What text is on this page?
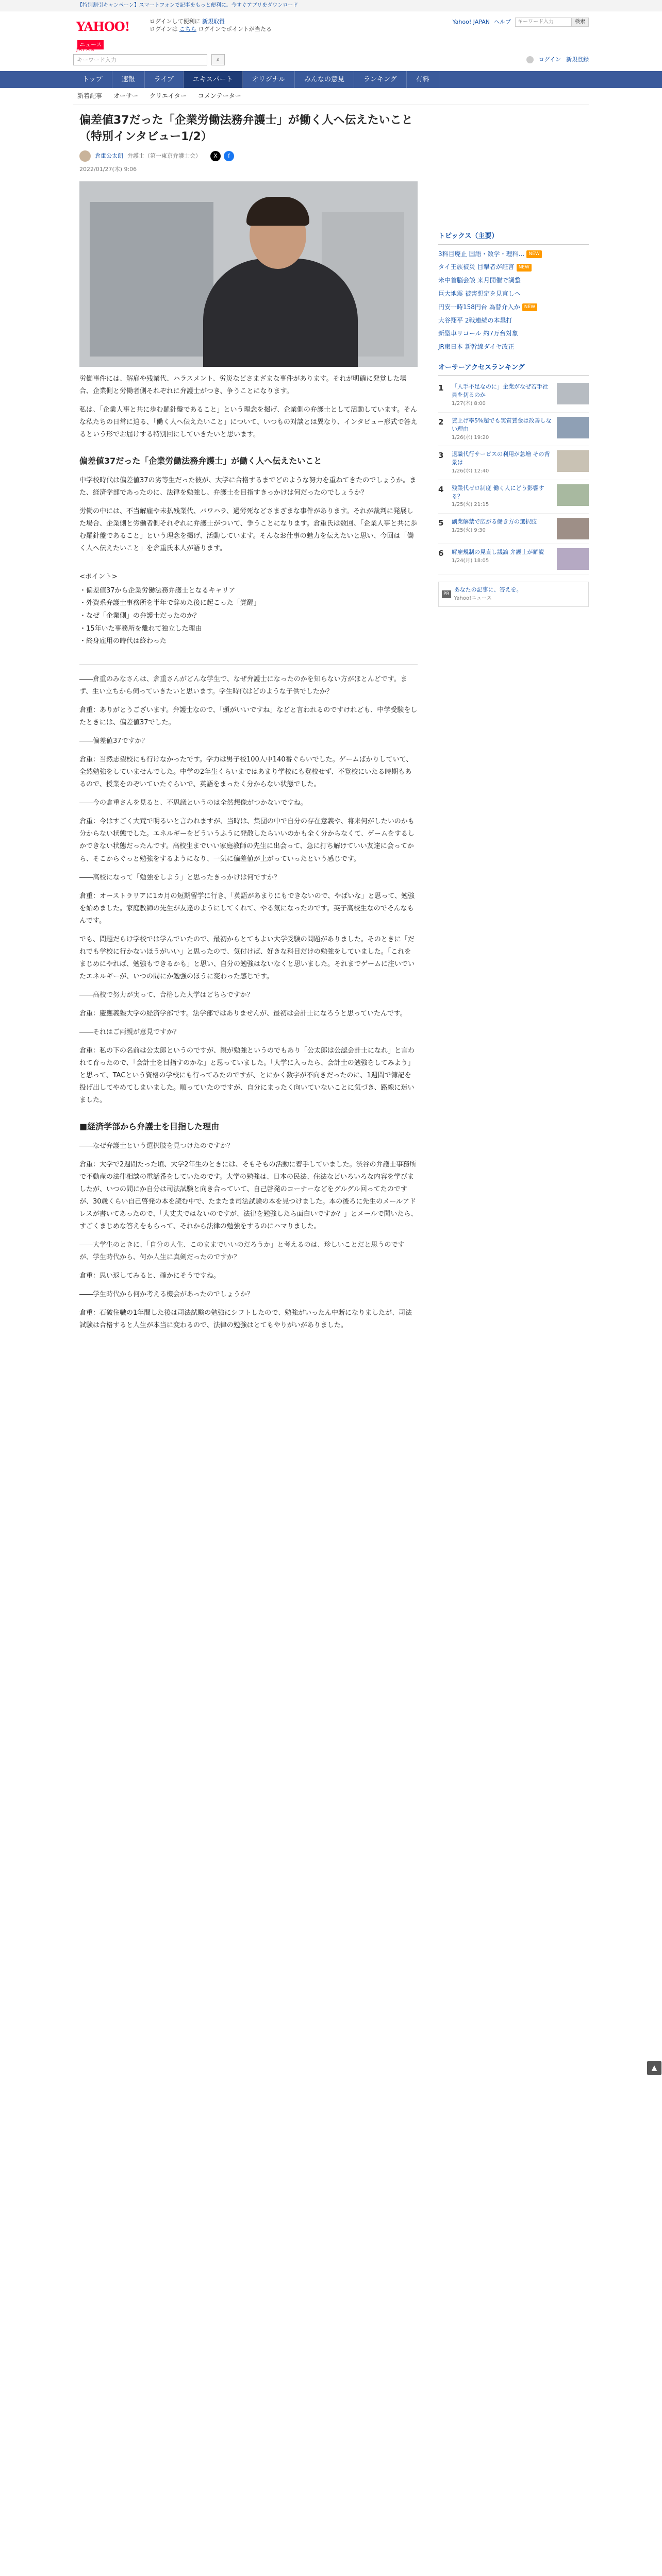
【特別割引キャンペーン】スマートフォンで記事をもっと便利に。今すぐアプリをダウンロード
YAHOO!ニュース
JAPAN
ログインして便利に 新規取得
ログインは こちら ログインでポイントが当たる
Yahoo! JAPAN ヘルプ	キーワード入力	検索
キーワード入力	⌕	ログイン 新規登録
トップ	速報	ライブ	エキスパート	オリジナル	みんなの意見	ランキング	有料
新着記事 オーサー クリエイター コメンテーター
偏差値37だった「企業労働法務弁護士」が働く人へ伝えたいこと（特別インタビュー1/2）
倉重公太朗 弁護士（第一東京弁護士会）	X	f
2022/01/27(木) 9:06

労働事件には、解雇や残業代、ハラスメント、労災などさまざまな事件があります。それが明確に発覚した場合、企業側と労働者側それぞれに弁護士がつき、争うことになります。

私は、「企業人事と共に歩む羅針盤であること」という理念を掲げ、企業側の弁護士として活動しています。そんな私たちの日常に迫る、「働く人へ伝えたいこと」について、いつもの対談とは異なり、インタビュー形式で答えるという形でお届けする特別回にしていきたいと思います。

偏差値37だった「企業労働法務弁護士」が働く人へ伝えたいこと

中学校時代は偏差値37の劣等生だった彼が、大学に合格するまでどのような努力を重ねてきたのでしょうか。また、経済学部であったのに、法律を勉強し、弁護士を目指すきっかけは何だったのでしょうか？

労働の中には、不当解雇や未払残業代、パワハラ、過労死などさまざまな事件があります。それが裁判に発展した場合、企業側と労働者側それぞれに弁護士がついて、争うことになります。倉重氏は数回、「企業人事と共に歩む羅針盤であること」という理念を掲げ、活動しています。そんなお仕事の魅力を伝えたいと思い、今回は「働く人へ伝えたいこと」を倉重氏本人が語ります。

<ポイント>
・偏差値37から企業労働法務弁護士となるキャリア
・外資系弁護士事務所を半年で辞めた後に起こった「覚醒」
・なぜ「企業側」の弁護士だったのか？
・15年いた事務所を離れて独立した理由
・終身雇用の時代は終わった

――倉重のみなさんは、倉重さんがどんな学生で、なぜ弁護士になったのかを知らない方がほとんどです。まず、生い立ちから伺っていきたいと思います。学生時代はどのような子供でしたか？

倉重：ありがとうございます。弁護士なので、「頭がいいですね」などと言われるのですけれども、中学受験をしたときには、偏差値37でした。

――偏差値37ですか？

倉重：当然志望校にも行けなかったです。学力は男子校100人中140番ぐらいでした。ゲームばかりしていて、全然勉強をしていませんでした。中学の2年生くらいまではあまり学校にも登校せず、不登校にいたる時期もあるので、授業をのぞいていたぐらいで、英語をまったく分からない状態でした。

――今の倉重さんを見ると、不思議というのは全然想像がつかないですね。

倉重：今はすごく大荒で明るいと言われますが、当時は、集団の中で自分の存在意義や、将来何がしたいのかも分からない状態でした。エネルギーをどういうふうに発散したらいいのかも全く分からなくて、ゲームをするしかできない状態だったんです。高校生までいい家庭教師の先生に出会って、急に打ち解けていい友達に会ってから、そこからぐっと勉強をするようになり、一気に偏差値が上がっていったという感じです。

――高校になって「勉強をしよう」と思ったきっかけは何ですか？

倉重：オーストラリアに1カ月の短期留学に行き、「英語があまりにもできないので、やばいな」と思って、勉強を始めました。家庭教師の先生が友達のようにしてくれて、やる気になったのです。英子高校生なのでそんなもんです。

でも、問題だらけ学校では学んでいたので、最初からとてもよい大学受験の問題がありました。そのときに「だれでも学校に行かないほうがいい」と思ったので、気付けば、好きな科目だけの勉強をしていました。「これをまじめにやれば、勉強もできるかも」と思い、自分の勉強はないなくと思いました。それまでゲームに注いでいたエネルギーが、いつの間にか勉強のほうに変わった感じです。

――高校で努力が実って、合格した大学はどちらですか？

倉重：慶應義塾大学の経済学部です。法学部ではありませんが、最初は会計士になろうと思っていたんです。

――それはご両親が意見ですか？

倉重：私の下の名前は公太郎というのですが、親が勉強というのでもあり「公太郎は公認会計士になれ」と言われて育ったので、「会計士を目指すのかな」と思っていました。「大学に入ったら、会計士の勉強をしてみよう」と思って、TACという資格の学校にも行ってみたのですが、とにかく数字が不向きだったのに、1週間で簿記を投げ出してやめてしまいました。順っていたのですが、自分にまったく向いていないことに気づき、路線に迷いました。

■経済学部から弁護士を目指した理由

――なぜ弁護士という選択肢を見つけたのですか？

倉重：大学で2週間たった頃、大学2年生のときには、そもそもの活動に着手していました。渋谷の弁護士事務所で不動産の法律相談の電話番をしていたのです。大学の勉強は、日本の民法、住法などいろいろな内容を学びましたが、いつの間にか自分は司法試験と向き合っていて、自己啓発のコーナーなどをグルグル回ってたのですが、30歳くらい自己啓発の本を読む中で、たまたま司法試験の本を見つけました。本の後ろに先生のメールアドレスが書いてあったので、「大丈夫ではないのですが、法律を勉強したら面白いですか？」とメールで聞いたら、すごくまじめな答えをもらって、それから法律の勉強をするのにハマりました。

――大学生のときに、「自分の人生、このままでいいのだろうか」と考えるのは、珍しいことだと思うのですが、学生時代から、何か人生に真剣だったのですか？

倉重：思い返してみると、確かにそうですね。

――学生時代から何か考える機会があったのでしょうか？

倉重：石破住職の1年間した後は司法試験の勉強にシフトしたので、勉強がいったん中断になりましたが、司法試験は合格すると人生が本当に変わるので、法律の勉強はとてもやりがいがありました。

トピックス（主要）
3科目廃止 国語・数学・理科… NEW
タイ王族被災 目撃者が証言 NEW
米中首脳会談 来月開催で調整
巨大地震 被害想定を見直しへ
円安一時158円台 為替介入か NEW
大谷翔平 2戦連続の本塁打
新型車リコール 約7万台対象
JR東日本 新幹線ダイヤ改正
オーサーアクセスランキング
1	「人手不足なのに」企業がなぜ若手社員を切るのか
1/27(木) 8:00
2	賃上げ率5%超でも実質賃金は改善しない理由
1/26(水) 19:20
3	退職代行サービスの利用が急増 その背景は
1/26(水) 12:40
4	残業代ゼロ制度 働く人にどう影響する？
1/25(火) 21:15
5	副業解禁で広がる働き方の選択肢
1/25(火) 9:30
6	解雇規制の見直し議論 弁護士が解説
1/24(月) 18:05
PR
あなたの記事に、答えを。
Yahoo!ニュース
▲
